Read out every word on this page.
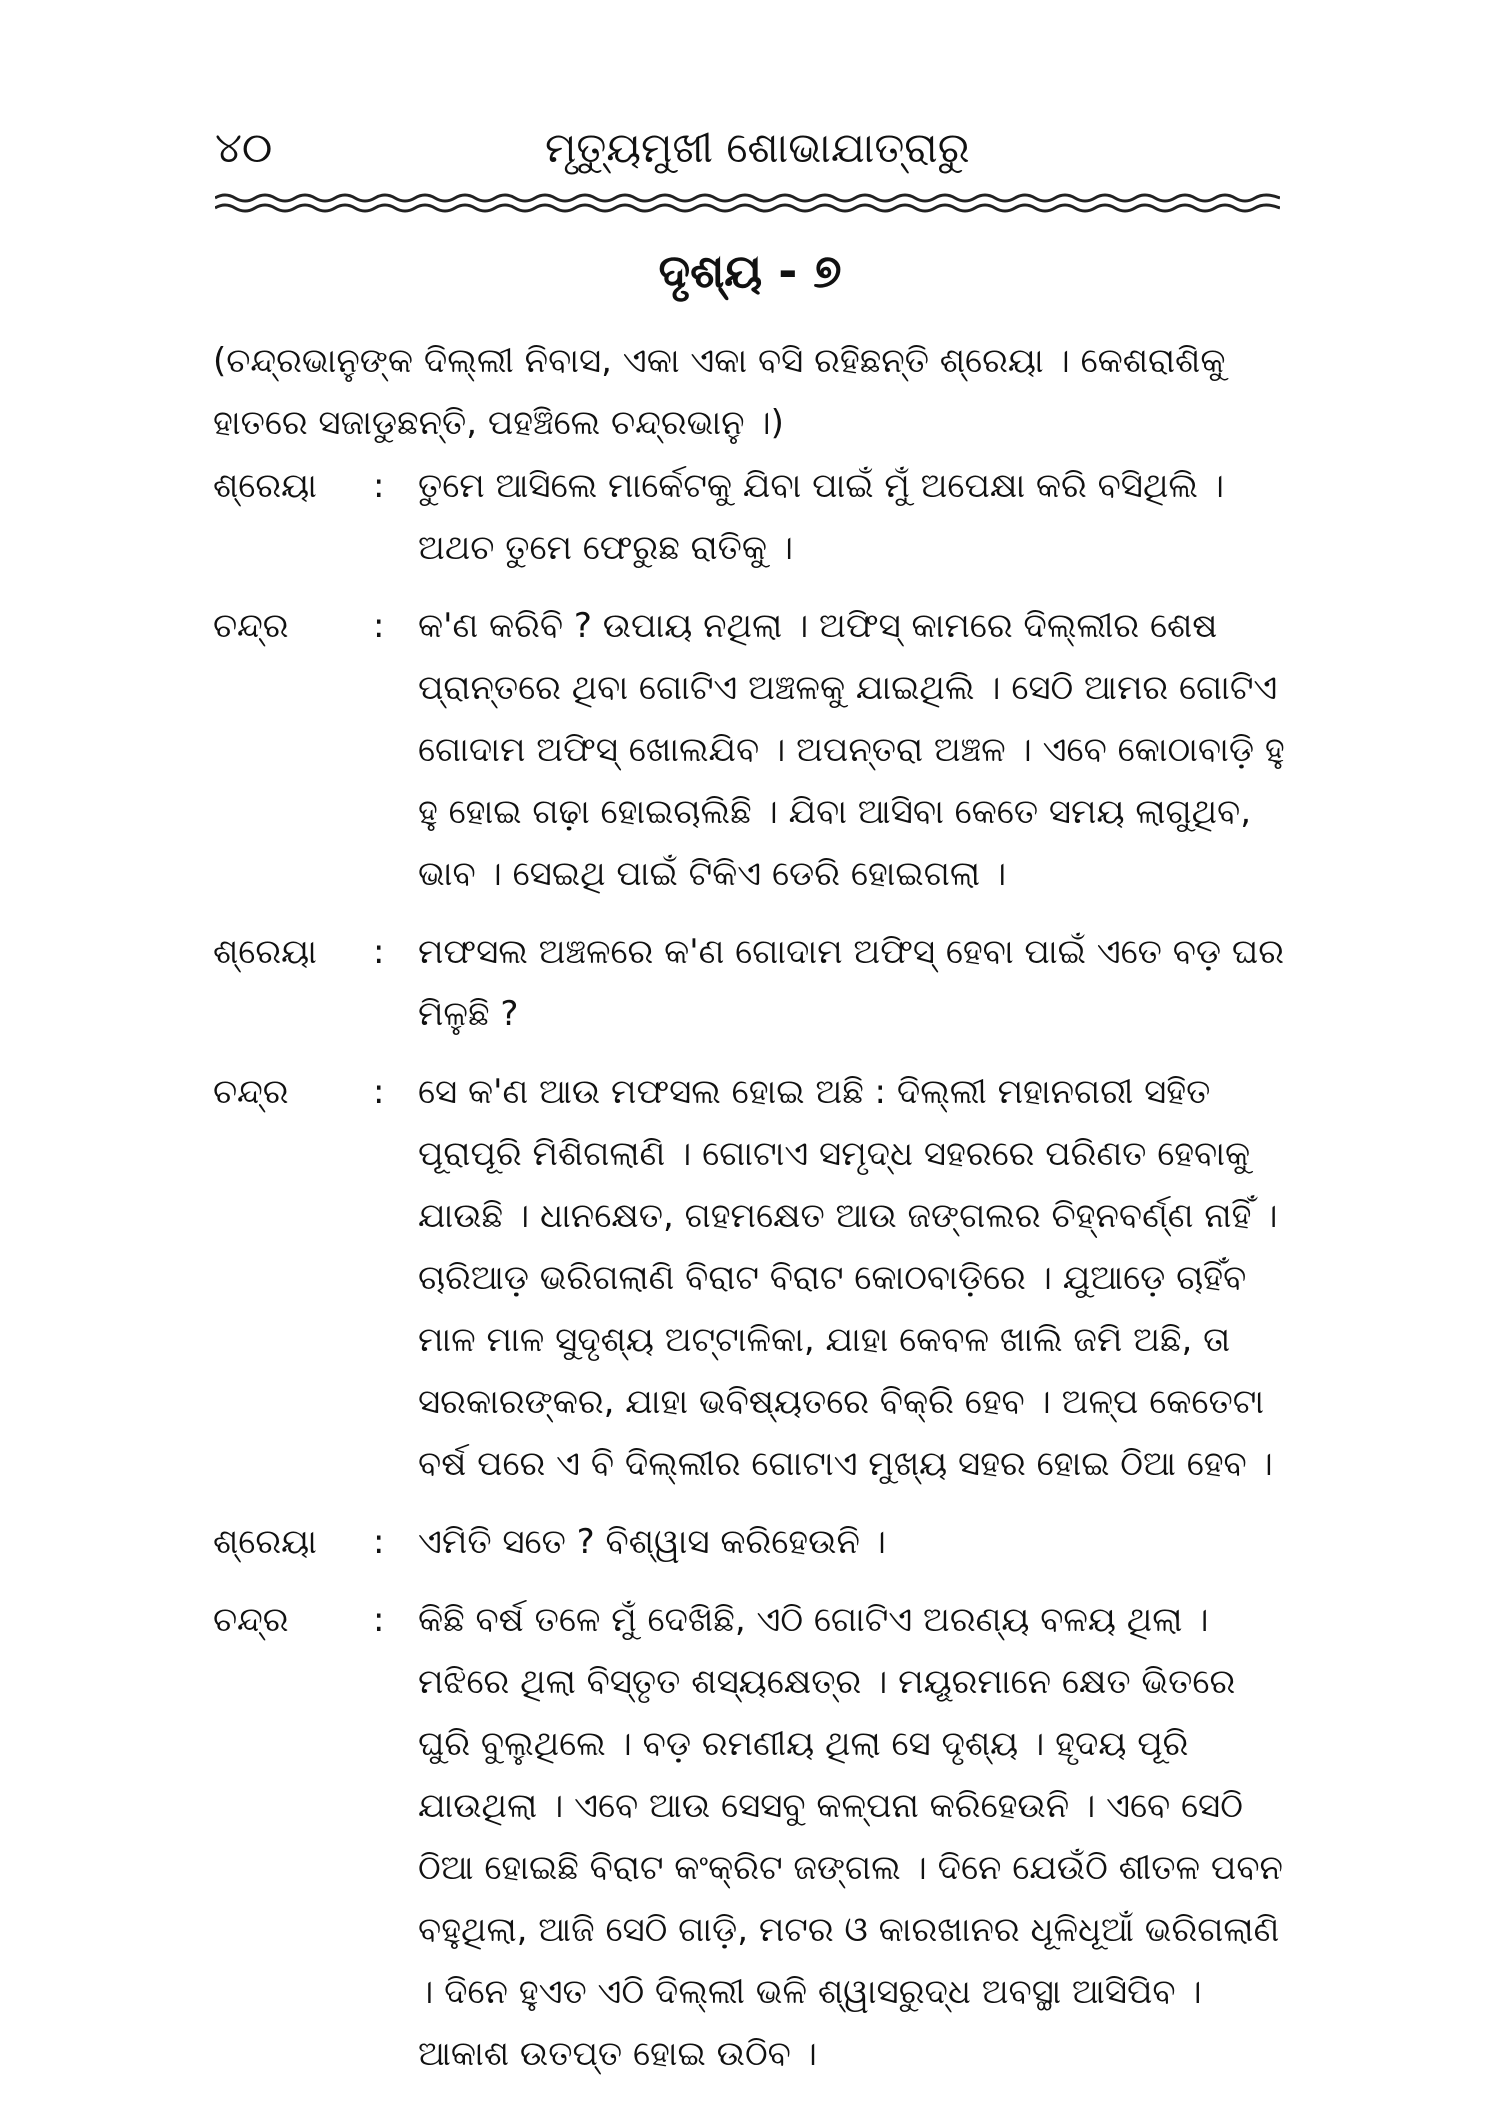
୪୦	ମୃତ୍ୟୁମୁଖୀ ଶୋଭାଯାତ୍ରାରୁ
ଦୃଶ୍ୟ - ୭
(ଚନ୍ଦ୍ରଭାନୁଙ୍କ ଦିଲ୍ଲୀ ନିବାସ, ଏକା ଏକା ବସି ରହିଛନ୍ତି ଶ୍ରେୟା । କେଶରାଶିକୁ ହାତରେ ସଜାଡୁଛନ୍ତି, ପହଞ୍ଚିଲେ ଚନ୍ଦ୍ରଭାନୁ ।)
ଶ୍ରେୟା	: ତୁମେ ଆସିଲେ ମାର୍କେଟକୁ ଯିବା ପାଇଁ ମୁଁ ଅପେକ୍ଷା କରି ବସିଥିଲି । ଅଥଚ ତୁମେ ଫେରୁଛ ରାତିକୁ ।
ଚନ୍ଦ୍ର	: କ'ଣ କରିବି ? ଉପାୟ ନଥିଲା । ଅଫିସ୍ କାମରେ ଦିଲ୍ଲୀର ଶେଷ ପ୍ରାନ୍ତରେ ଥିବା ଗୋଟିଏ ଅଞ୍ଚଳକୁ ଯାଇଥିଲି । ସେଠି ଆମର ଗୋଟିଏ ଗୋଦାମ ଅଫିସ୍ ଖୋଲଯିବ । ଅପନ୍ତରା ଅଞ୍ଚଳ । ଏବେ କୋଠାବାଡ଼ି ହୁ ହୁ ହୋଇ ଗଢ଼ା ହୋଇଚାଲିଛି । ଯିବା ଆସିବା କେତେ ସମୟ ଲାଗୁଥିବ, ଭାବ । ସେଇଥି ପାଇଁ ଟିକିଏ ଡେରି ହୋଇଗଲା ।
ଶ୍ରେୟା	: ମଫସଲ ଅଞ୍ଚଳରେ କ'ଣ ଗୋଦାମ ଅଫିସ୍ ହେବା ପାଇଁ ଏତେ ବଡ଼ ଘର ମିଳୁଛି ?
ଚନ୍ଦ୍ର	: ସେ କ'ଣ ଆଉ ମଫସଲ ହୋଇ ଅଛି : ଦିଲ୍ଲୀ ମହାନଗରୀ ସହିତ ପୂରାପୂରି ମିଶିଗଲାଣି । ଗୋଟାଏ ସମୃଦ୍ଧ ସହରରେ ପରିଣତ ହେବାକୁ ଯାଉଛି । ଧାନକ୍ଷେତ, ଗହମକ୍ଷେତ ଆଉ ଜଙ୍ଗଲର ଚିହ୍ନବର୍ଣ୍ଣ ନାହିଁ । ଚାରିଆଡ଼ ଭରିଗଲାଣି ବିରାଟ ବିରାଟ କୋଠବାଡ଼ିରେ । ଯୁଆଡ଼େ ଚାହିଁବ ମାଳ ମାଳ ସୁଦୃଶ୍ୟ ଅଟ୍ଟାଳିକା, ଯାହା କେବଳ ଖାଲି ଜମି ଅଛି, ତା ସରକାରଙ୍କର, ଯାହା ଭବିଷ୍ୟତରେ ବିକ୍ରି ହେବ । ଅଳ୍ପ କେତେଟା ବର୍ଷ ପରେ ଏ ବି ଦିଲ୍ଲୀର ଗୋଟାଏ ମୁଖ୍ୟ ସହର ହୋଇ ଠିଆ ହେବ ।
ଶ୍ରେୟା	: ଏମିତି ସତେ ? ବିଶ୍ୱାସ କରିହେଉନି ।
ଚନ୍ଦ୍ର	: କିଛି ବର୍ଷ ତଳେ ମୁଁ ଦେଖିଛି, ଏଠି ଗୋଟିଏ ଅରଣ୍ୟ ବଳୟ ଥିଲା । ମଝିରେ ଥିଲା ବିସ୍ତୃତ ଶସ୍ୟକ୍ଷେତ୍ର । ମୟୂରମାନେ କ୍ଷେତ ଭିତରେ ଘୁରି ବୁଲୁଥିଲେ । ବଡ଼ ରମଣୀୟ ଥିଲା ସେ ଦୃଶ୍ୟ । ହୃଦୟ ପୂରି ଯାଉଥିଲା । ଏବେ ଆଉ ସେସବୁ କଳ୍ପନା କରିହେଉନି । ଏବେ ସେଠି ଠିଆ ହୋଇଛି ବିରାଟ କଂକ୍ରିଟ ଜଙ୍ଗଲ । ଦିନେ ଯେଉଁଠି ଶୀତଳ ପବନ ବହୁଥିଲା, ଆଜି ସେଠି ଗାଡ଼ି, ମଟର ଓ କାରଖାନର ଧୂଳିଧୂଆଁ ଭରିଗଲାଣି । ଦିନେ ହୁଏତ ଏଠି ଦିଲ୍ଲୀ ଭଳି ଶ୍ୱାସରୁଦ୍ଧ ଅବସ୍ଥା ଆସିପିବ । ଆକାଶ ଉତପ୍ତ ହୋଇ ଉଠିବ ।
